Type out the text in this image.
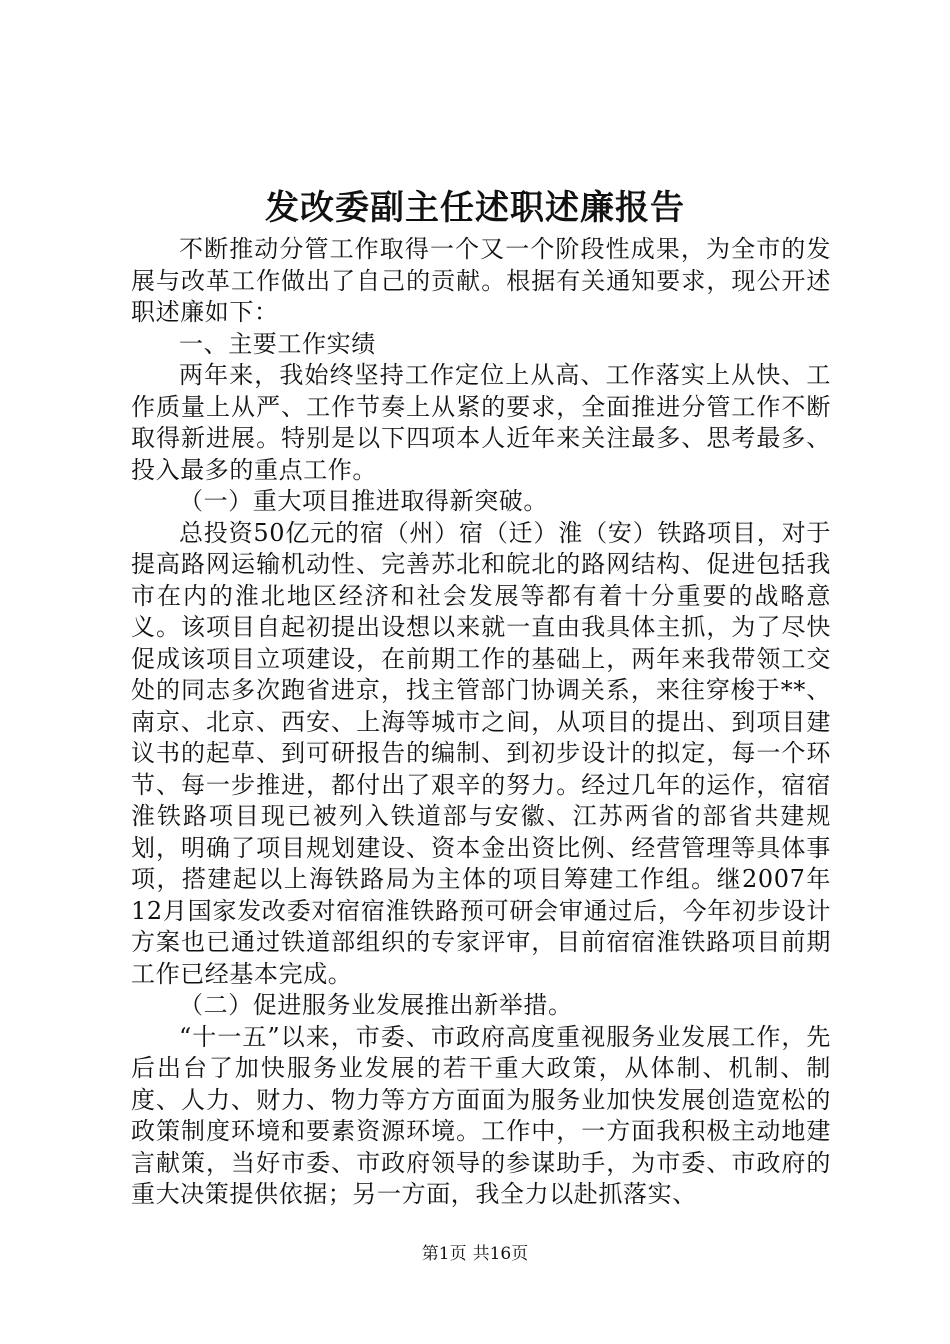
发改委副主任述职述廉报告

不断推动分管工作取得一个又一个阶段性成果，为全市的发展与改革工作做出了自己的贡献。根据有关通知要求，现公开述职述廉如下：

一、主要工作实绩

两年来，我始终坚持工作定位上从高、工作落实上从快、工作质量上从严、工作节奏上从紧的要求，全面推进分管工作不断取得新进展。特别是以下四项本人近年来关注最多、思考最多、投入最多的重点工作。

（一）重大项目推进取得新突破。

总投资50亿元的宿（州）宿（迁）淮（安）铁路项目，对于提高路网运输机动性、完善苏北和皖北的路网结构、促进包括我市在内的淮北地区经济和社会发展等都有着十分重要的战略意义。该项目自起初提出设想以来就一直由我具体主抓，为了尽快促成该项目立项建设，在前期工作的基础上，两年来我带领工交处的同志多次跑省进京，找主管部门协调关系，来往穿梭于**、南京、北京、西安、上海等城市之间，从项目的提出、到项目建议书的起草、到可研报告的编制、到初步设计的拟定，每一个环节、每一步推进，都付出了艰辛的努力。经过几年的运作，宿宿淮铁路项目现已被列入铁道部与安徽、江苏两省的部省共建规划，明确了项目规划建设、资本金出资比例、经营管理等具体事项，搭建起以上海铁路局为主体的项目筹建工作组。继2007年12月国家发改委对宿宿淮铁路预可研会审通过后，今年初步设计方案也已通过铁道部组织的专家评审，目前宿宿淮铁路项目前期工作已经基本完成。

（二）促进服务业发展推出新举措。

“十一五”以来，市委、市政府高度重视服务业发展工作，先后出台了加快服务业发展的若干重大政策，从体制、机制、制度、人力、财力、物力等方方面面为服务业加快发展创造宽松的政策制度环境和要素资源环境。工作中，一方面我积极主动地建言献策，当好市委、市政府领导的参谋助手，为市委、市政府的重大决策提供依据；另一方面，我全力以赴抓落实、

第1页 共16页
